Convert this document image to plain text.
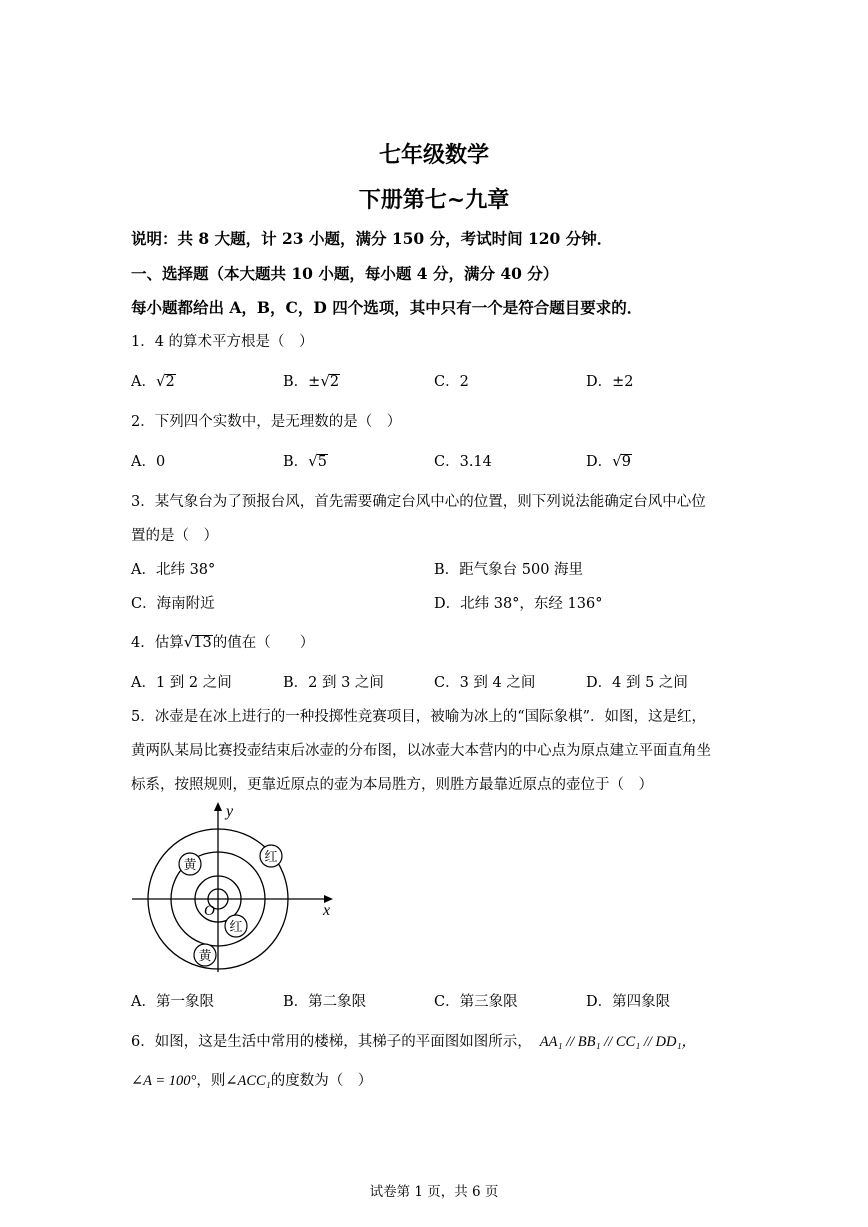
七年级数学
下册第七~九章
说明：共 8 大题，计 23 小题，满分 150 分，考试时间 120 分钟．
一、选择题（本大题共 10 小题，每小题 4 分，满分 40 分）
每小题都给出 A，B，C，D 四个选项，其中只有一个是符合题目要求的．
1．4 的算术平方根是（　）
A．√2	B．±√2	C．2	D．±2
2．下列四个实数中，是无理数的是（　）
A．0	B．√5	C．3.14	D．√9
3．某气象台为了预报台风，首先需要确定台风中心的位置，则下列说法能确定台风中心位
置的是（　）
A．北纬 38°	B．距气象台 500 海里
C．海南附近	D．北纬 38°，东经 136°
4．估算√13的值在（　　）
A．1 到 2 之间	B．2 到 3 之间	C．3 到 4 之间	D．4 到 5 之间
5．冰壶是在冰上进行的一种投掷性竞赛项目，被喻为冰上的“国际象棋”．如图，这是红，
黄两队某局比赛投壶结束后冰壶的分布图，以冰壶大本营内的中心点为原点建立平面直角坐
标系，按照规则，更靠近原点的壶为本局胜方，则胜方最靠近原点的壶位于（　）
y
x
O
黄
红
红
黄
A．第一象限	B．第二象限	C．第三象限	D．第四象限
6．如图，这是生活中常用的楼梯，其梯子的平面图如图所示， AA₁ // BB₁ // CC₁ // DD₁，
∠A = 100°，则∠ACC₁的度数为（　）
试卷第 1 页，共 6 页
